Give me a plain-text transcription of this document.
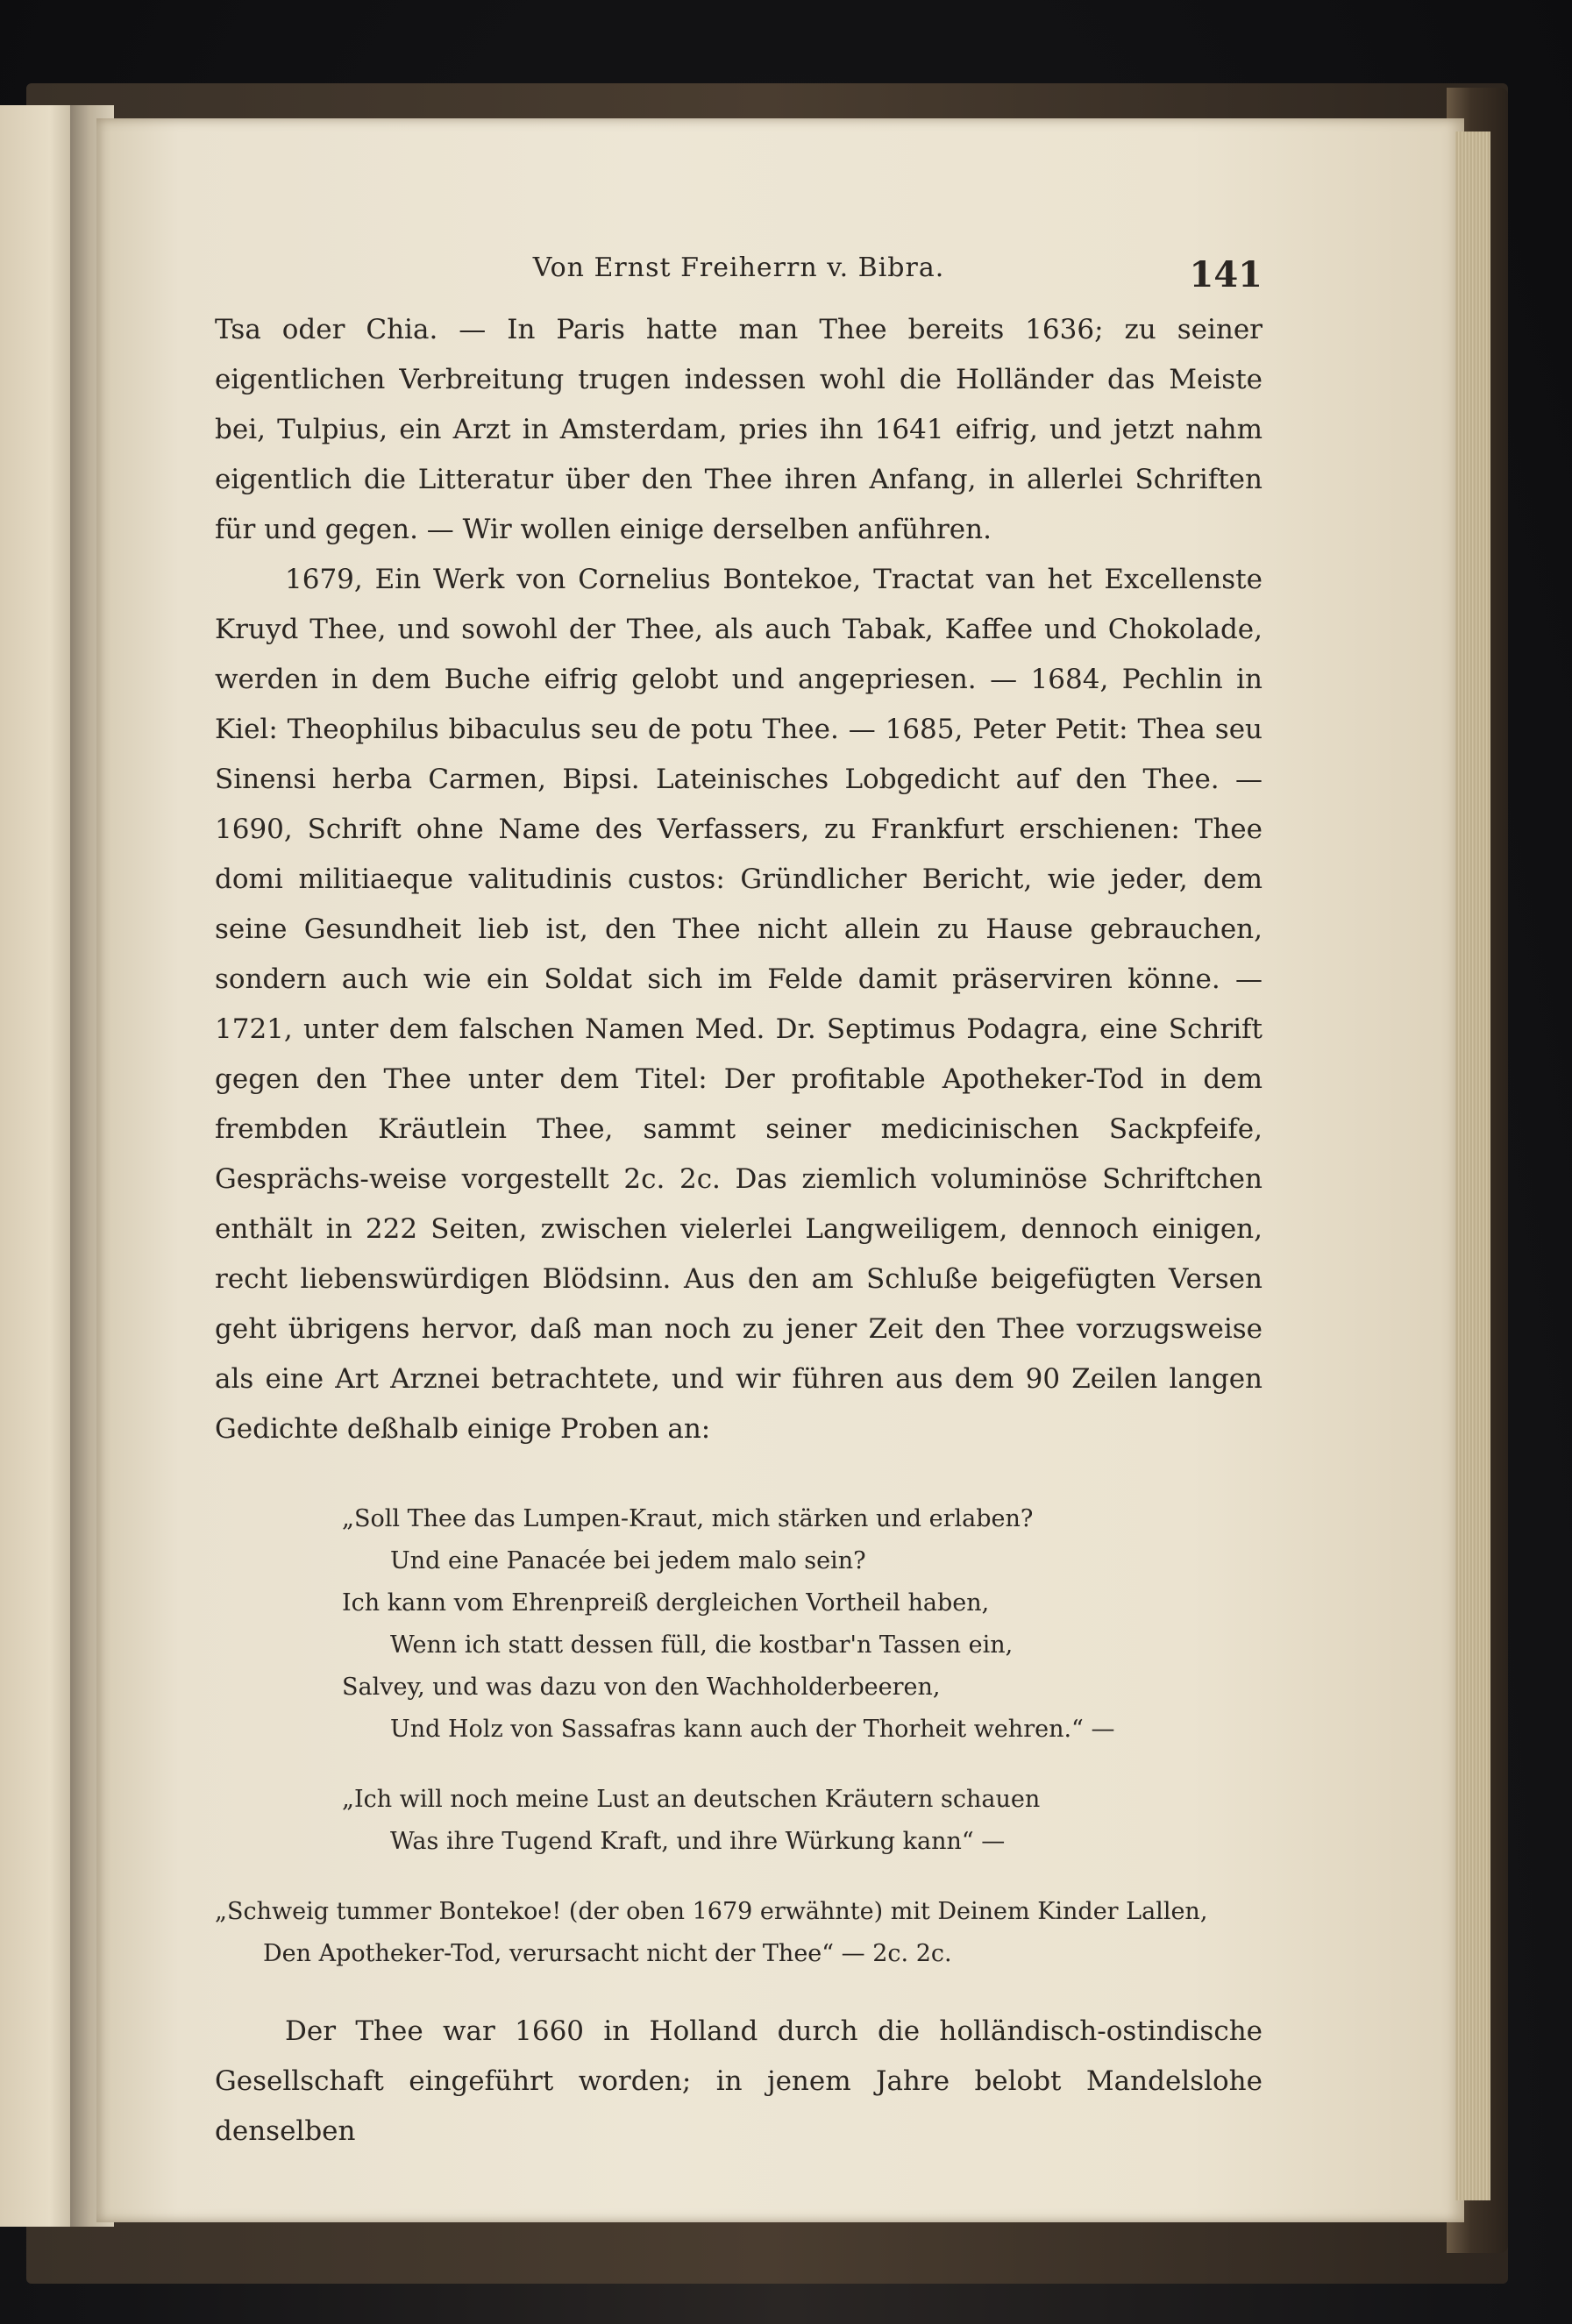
Von Ernst Freiherrn v. Bibra.	141

Tsa oder Chia. — In Paris hatte man Thee bereits 1636; zu seiner eigentlichen Verbreitung trugen indessen wohl die Holländer das Meiste bei, Tulpius, ein Arzt in Amsterdam, pries ihn 1641 eifrig, und jetzt nahm eigentlich die Litteratur über den Thee ihren Anfang, in allerlei Schriften für und gegen. — Wir wollen einige derselben anführen.

1679, Ein Werk von Cornelius Bontekoe, Tractat van het Excellenste Kruyd Thee, und sowohl der Thee, als auch Tabak, Kaffee und Chokolade, werden in dem Buche eifrig gelobt und angepriesen. — 1684, Pechlin in Kiel: Theophilus bibaculus seu de potu Thee. — 1685, Peter Petit: Thea seu Sinensi herba Carmen, Bipsi. Lateinisches Lobgedicht auf den Thee. — 1690, Schrift ohne Name des Verfassers, zu Frankfurt erschienen: Thee domi militiaeque valitudinis custos: Gründlicher Bericht, wie jeder, dem seine Gesundheit lieb ist, den Thee nicht allein zu Hause gebrauchen, sondern auch wie ein Soldat sich im Felde damit präserviren könne. — 1721, unter dem falschen Namen Med. Dr. Septimus Podagra, eine Schrift gegen den Thee unter dem Titel: Der profitable Apotheker-Tod in dem frembden Kräutlein Thee, sammt seiner medicinischen Sackpfeife, Gesprächs-weise vorgestellt 2c. 2c. Das ziemlich voluminöse Schriftchen enthält in 222 Seiten, zwischen vielerlei Langweiligem, dennoch einigen, recht liebenswürdigen Blödsinn. Aus den am Schluße beigefügten Versen geht übrigens hervor, daß man noch zu jener Zeit den Thee vorzugsweise als eine Art Arznei betrachtete, und wir führen aus dem 90 Zeilen langen Gedichte deßhalb einige Proben an:

„Soll Thee das Lumpen-Kraut, mich stärken und erlaben?
Und eine Panacée bei jedem malo sein?
Ich kann vom Ehrenpreiß dergleichen Vortheil haben,
Wenn ich statt dessen füll, die kostbar'n Tassen ein,
Salvey, und was dazu von den Wachholderbeeren,
Und Holz von Sassafras kann auch der Thorheit wehren.“ —
„Ich will noch meine Lust an deutschen Kräutern schauen
Was ihre Tugend Kraft, und ihre Würkung kann“ —
„Schweig tummer Bontekoe! (der oben 1679 erwähnte) mit Deinem Kinder Lallen,
Den Apotheker-Tod, verursacht nicht der Thee“ — 2c. 2c.

Der Thee war 1660 in Holland durch die holländisch-ostindische Gesellschaft eingeführt worden; in jenem Jahre belobt Mandelslohe denselben
